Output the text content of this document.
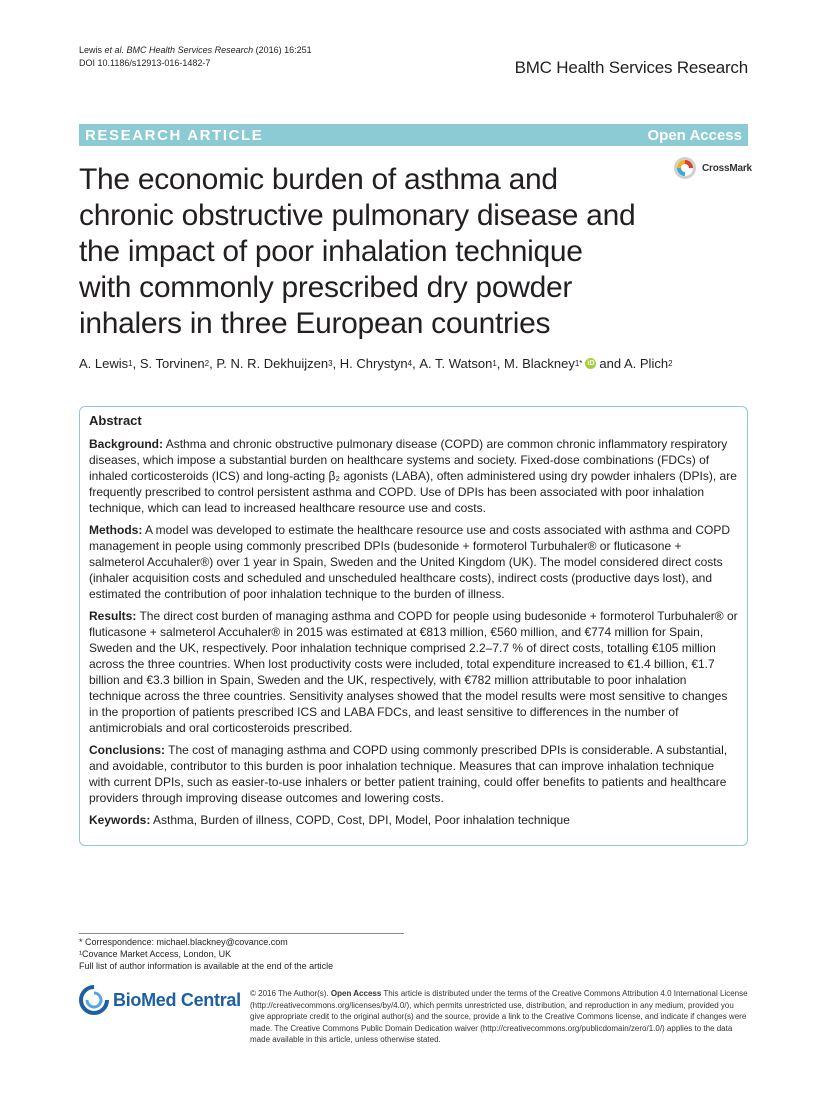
Lewis et al. BMC Health Services Research (2016) 16:251
DOI 10.1186/s12913-016-1482-7	BMC Health Services Research
RESEARCH ARTICLE	Open Access
CrossMark
The economic burden of asthma and
chronic obstructive pulmonary disease and
the impact of poor inhalation technique
with commonly prescribed dry powder
inhalers in three European countries
A. Lewis 1 , S. Torvinen 2 , P. N. R. Dekhuijzen 3 , H. Chrystyn 4 , A. T. Watson 1 , M. Blackney 1* iD and A. Plich 2
Abstract

Background: Asthma and chronic obstructive pulmonary disease (COPD) are common chronic inflammatory respiratory diseases, which impose a substantial burden on healthcare systems and society. Fixed-dose combinations (FDCs) of inhaled corticosteroids (ICS) and long-acting β₂ agonists (LABA), often administered using dry powder inhalers (DPIs), are frequently prescribed to control persistent asthma and COPD. Use of DPIs has been associated with poor inhalation technique, which can lead to increased healthcare resource use and costs.

Methods: A model was developed to estimate the healthcare resource use and costs associated with asthma and COPD management in people using commonly prescribed DPIs (budesonide + formoterol Turbuhaler® or fluticasone + salmeterol Accuhaler®) over 1 year in Spain, Sweden and the United Kingdom (UK). The model considered direct costs (inhaler acquisition costs and scheduled and unscheduled healthcare costs), indirect costs (productive days lost), and estimated the contribution of poor inhalation technique to the burden of illness.

Results: The direct cost burden of managing asthma and COPD for people using budesonide + formoterol Turbuhaler® or fluticasone + salmeterol Accuhaler® in 2015 was estimated at €813 million, €560 million, and €774 million for Spain, Sweden and the UK, respectively. Poor inhalation technique comprised 2.2–7.7 % of direct costs, totalling €105 million across the three countries. When lost productivity costs were included, total expenditure increased to €1.4 billion, €1.7 billion and €3.3 billion in Spain, Sweden and the UK, respectively, with €782 million attributable to poor inhalation technique across the three countries. Sensitivity analyses showed that the model results were most sensitive to changes in the proportion of patients prescribed ICS and LABA FDCs, and least sensitive to differences in the number of antimicrobials and oral corticosteroids prescribed.

Conclusions: The cost of managing asthma and COPD using commonly prescribed DPIs is considerable. A substantial, and avoidable, contributor to this burden is poor inhalation technique. Measures that can improve inhalation technique with current DPIs, such as easier-to-use inhalers or better patient training, could offer benefits to patients and healthcare providers through improving disease outcomes and lowering costs.

Keywords: Asthma, Burden of illness, COPD, Cost, DPI, Model, Poor inhalation technique

* Correspondence: michael.blackney@covance.com
¹Covance Market Access, London, UK
Full list of author information is available at the end of the article
BioMed Central © 2016 The Author(s). Open Access This article is distributed under the terms of the Creative Commons Attribution 4.0 International License (http://creativecommons.org/licenses/by/4.0/), which permits unrestricted use, distribution, and reproduction in any medium, provided you give appropriate credit to the original author(s) and the source, provide a link to the Creative Commons license, and indicate if changes were made. The Creative Commons Public Domain Dedication waiver (http://creativecommons.org/publicdomain/zero/1.0/) applies to the data made available in this article, unless otherwise stated.
